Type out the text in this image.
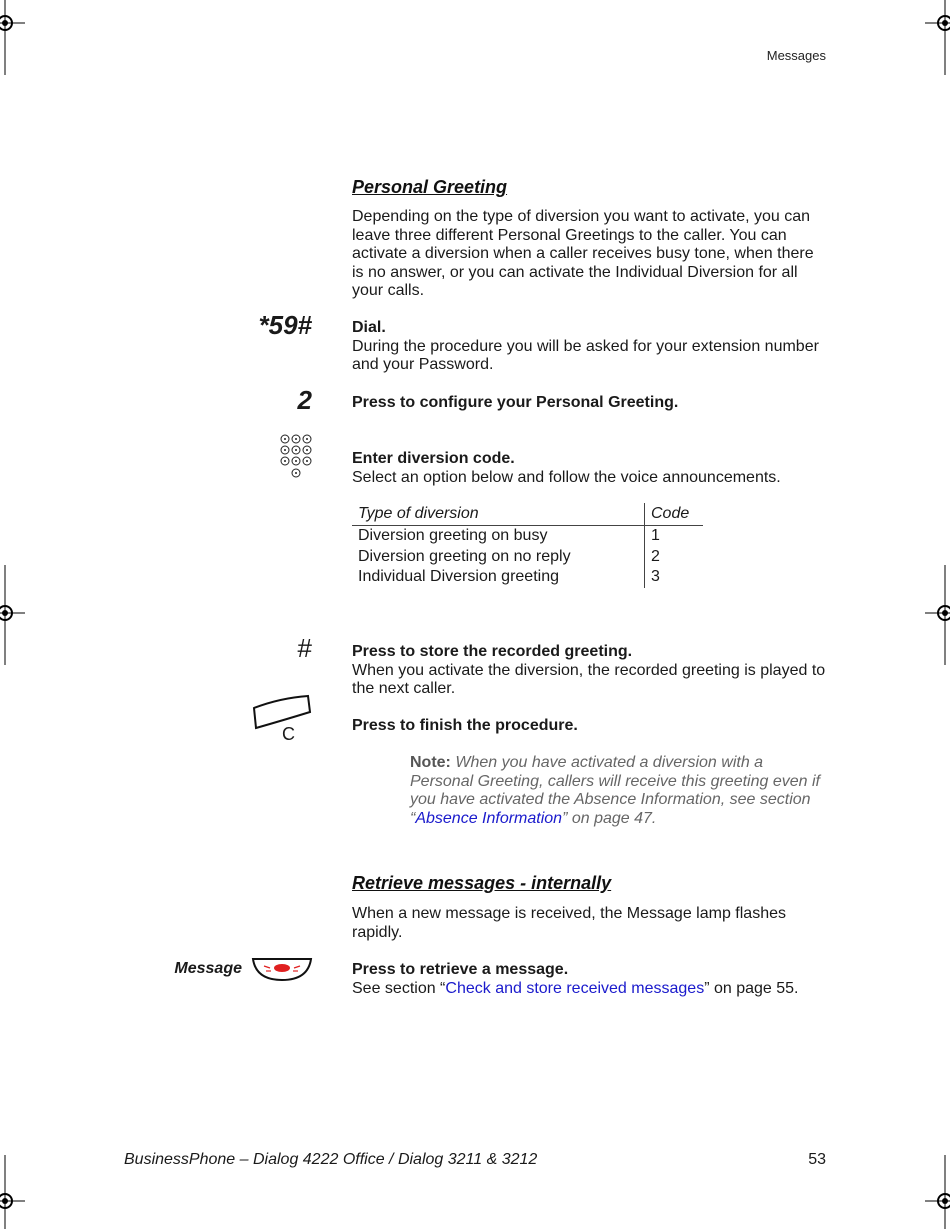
Messages
Personal Greeting
Depending on the type of diversion you want to activate, you can leave three different Personal Greetings to the caller. You can activate a diversion when a caller receives busy tone, when there is no answer, or you can activate the Individual Diversion for all your calls.
*59#	Dial.
During the procedure you will be asked for your extension number and your Password.
2	Press to configure your Personal Greeting.
Enter diversion code.
Select an option below and follow the voice announcements.
Type of diversion	Code
Diversion greeting on busy	1
Diversion greeting on no reply	2
Individual Diversion greeting	3
#	Press to store the recorded greeting.
When you activate the diversion, the recorded greeting is played to the next caller.
C	Press to finish the procedure.
Note: When you have activated a diversion with a Personal Greeting, callers will receive this greeting even if you have activated the Absence Information, see section “Absence Information” on page 47.
Retrieve messages - internally
When a new message is received, the Message lamp flashes rapidly.
Message	Press to retrieve a message.
See section “Check and store received messages” on page 55.
BusinessPhone – Dialog 4222 Office / Dialog 3211 & 3212	53
